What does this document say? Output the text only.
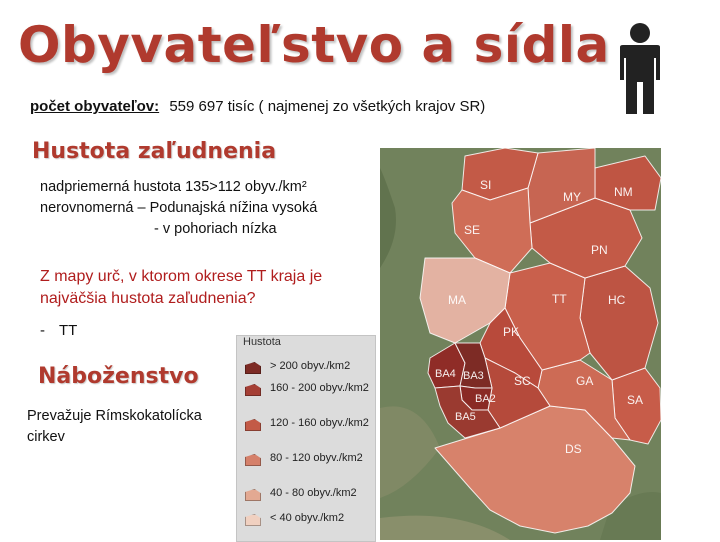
Obyvateľstvo a sídla
počet obyvateľov: 559 697 tisíc ( najmenej zo všetkých krajov SR)
Hustota zaľudnenia
nadpriemerná hustota 135>112 obyv./km²
nerovnomerná – Podunajská nížina vysoká
- v pohoriach nízka
Z mapy urč, v ktorom okrese TT kraja je najväčšia hustota zaľudnenia?
- TT
Náboženstvo
Prevažuje Rímskokatolícka cirkev
SI
MY	NM
SE
PN
MA	TT	HC
PK
BA4 BA3
BA2
BA5
SC	GA
SA
DS
Hustota
> 200 obyv./km2
160 - 200 obyv./km2
120 - 160 obyv./km2
80 - 120 obyv./km2
40 - 80 obyv./km2
< 40 obyv./km2
